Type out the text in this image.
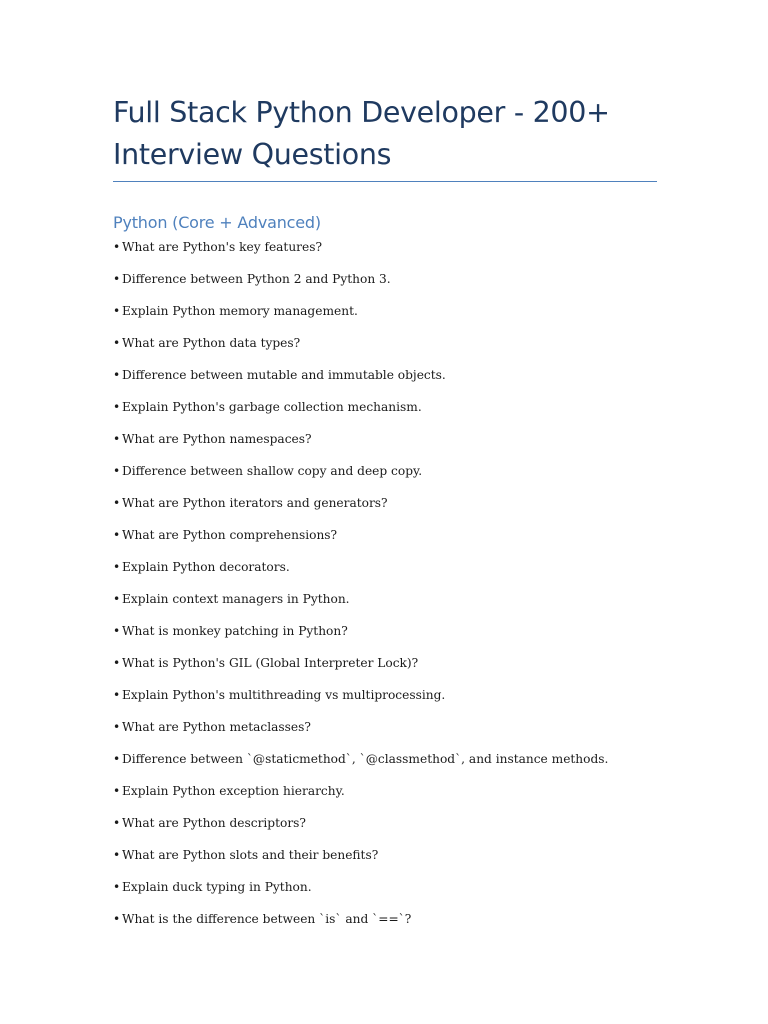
Full Stack Python Developer - 200+ Interview Questions
Python (Core + Advanced)
• What are Python's key features?
• Difference between Python 2 and Python 3.
• Explain Python memory management.
• What are Python data types?
• Difference between mutable and immutable objects.
• Explain Python's garbage collection mechanism.
• What are Python namespaces?
• Difference between shallow copy and deep copy.
• What are Python iterators and generators?
• What are Python comprehensions?
• Explain Python decorators.
• Explain context managers in Python.
• What is monkey patching in Python?
• What is Python's GIL (Global Interpreter Lock)?
• Explain Python's multithreading vs multiprocessing.
• What are Python metaclasses?
• Difference between `@staticmethod`, `@classmethod`, and instance methods.
• Explain Python exception hierarchy.
• What are Python descriptors?
• What are Python slots and their benefits?
• Explain duck typing in Python.
• What is the difference between `is` and `==`?
